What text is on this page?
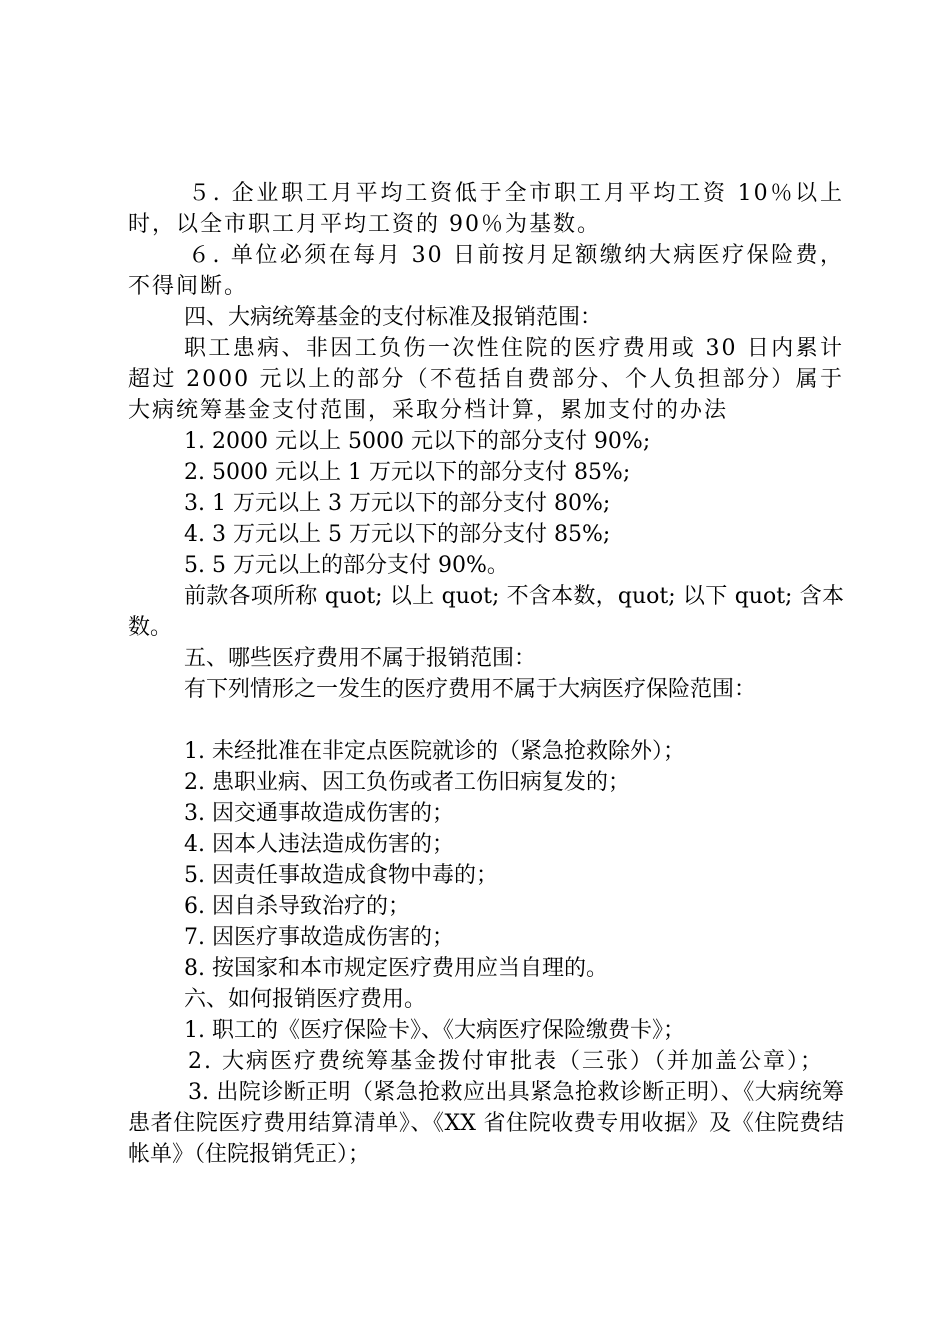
５. 企业职工月平均工资低于全市职工月平均工资 10％以上时，以全市职工月平均工资的 90％为基数。

６. 单位必须在每月 30 日前按月足额缴纳大病医疗保险费，不得间断。

四、大病统筹基金的支付标准及报销范围：

职工患病、非因工负伤一次性住院的医疗费用或 30 日内累计超过 2000 元以上的部分（不苞括自费部分、个人负担部分）属于大病统筹基金支付范围，采取分档计算，累加支付的办法

1. 2000 元以上 5000 元以下的部分支付 90%;

2. 5000 元以上 1 万元以下的部分支付 85%;

3. 1 万元以上 3 万元以下的部分支付 80%;

4. 3 万元以上 5 万元以下的部分支付 85%;

5. 5 万元以上的部分支付 90%。

前款各项所称 quot; 以上 quot; 不含本数，quot; 以下 quot; 含本数。

五、哪些医疗费用不属于报销范围：

有下列情形之一发生的医疗费用不属于大病医疗保险范围：

1. 未经批准在非定点医院就诊的（紧急抢救除外）；

2. 患职业病、因工负伤或者工伤旧病复发的；

3. 因交通事故造成伤害的；

4. 因本人违法造成伤害的；

5. 因责任事故造成食物中毒的；

6. 因自杀导致治疗的；

7. 因医疗事故造成伤害的；

8. 按国家和本市规定医疗费用应当自理的。

六、如何报销医疗费用。

1. 职工的《医疗保险卡》、《大病医疗保险缴费卡》；

2. 大病医疗费统筹基金拨付审批表（三张）（并加盖公章）；

3. 出院诊断正明（紧急抢救应出具紧急抢救诊断正明）、《大病统筹患者住院医疗费用结算清单》、《XX 省住院收费专用收据》及《住院费结帐单》（住院报销凭正）；
